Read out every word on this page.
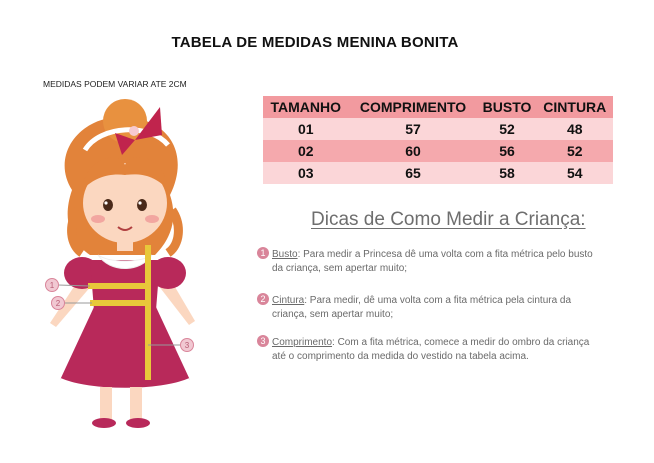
TABELA DE MEDIDAS MENINA BONITA
MEDIDAS PODEM VARIAR ATE 2CM
TAMANHO	COMPRIMENTO	BUSTO	CINTURA
01	57	52	48
02	60	56	52
03	65	58	54
Dicas de Como Medir a Criança:
1 Busto: Para medir a Princesa dê uma volta com a fita métrica pelo busto
da criança, sem apertar muito;
2 Cintura: Para medir, dê uma volta com a fita métrica pela cintura da
criança, sem apertar muito;
3 Comprimento: Com a fita métrica, comece a medir do ombro da criança
até o comprimento da medida do vestido na tabela acima.
1
2
3
